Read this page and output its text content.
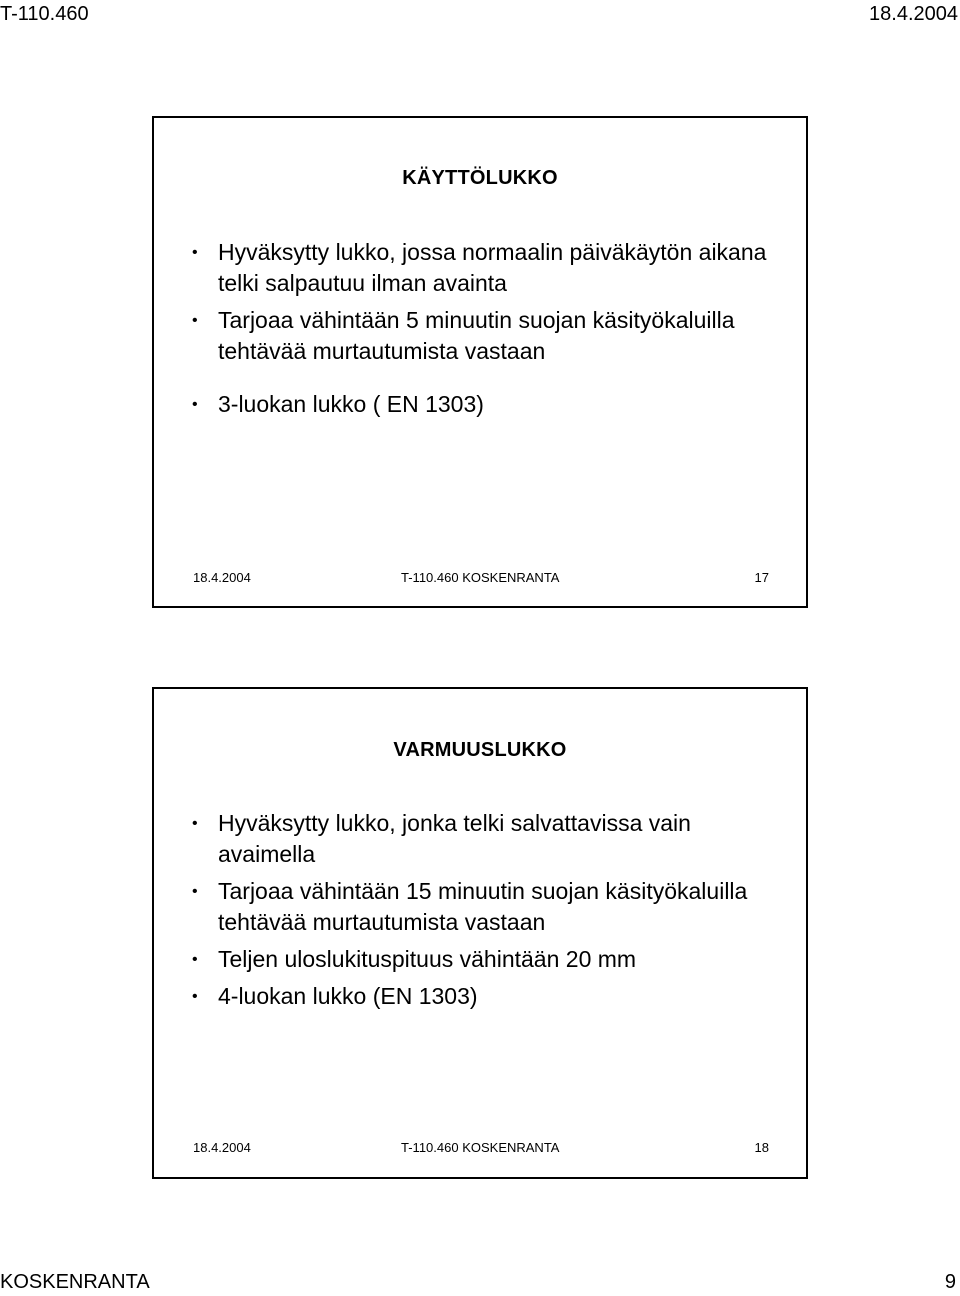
T-110.460	18.4.2004
KÄYTTÖLUKKO
• Hyväksytty lukko, jossa normaalin päiväkäytön aikana telki salpautuu ilman avainta
• Tarjoaa vähintään 5 minuutin suojan käsityökaluilla tehtävää murtautumista vastaan
• 3-luokan lukko ( EN 1303)
18.4.2004	T-110.460 KOSKENRANTA	17
VARMUUSLUKKO
• Hyväksytty lukko, jonka telki salvattavissa vain avaimella
• Tarjoaa vähintään 15 minuutin suojan käsityökaluilla tehtävää murtautumista vastaan
• Teljen uloslukituspituus vähintään 20 mm
• 4-luokan lukko (EN 1303)
18.4.2004	T-110.460 KOSKENRANTA	18
KOSKENRANTA	9
